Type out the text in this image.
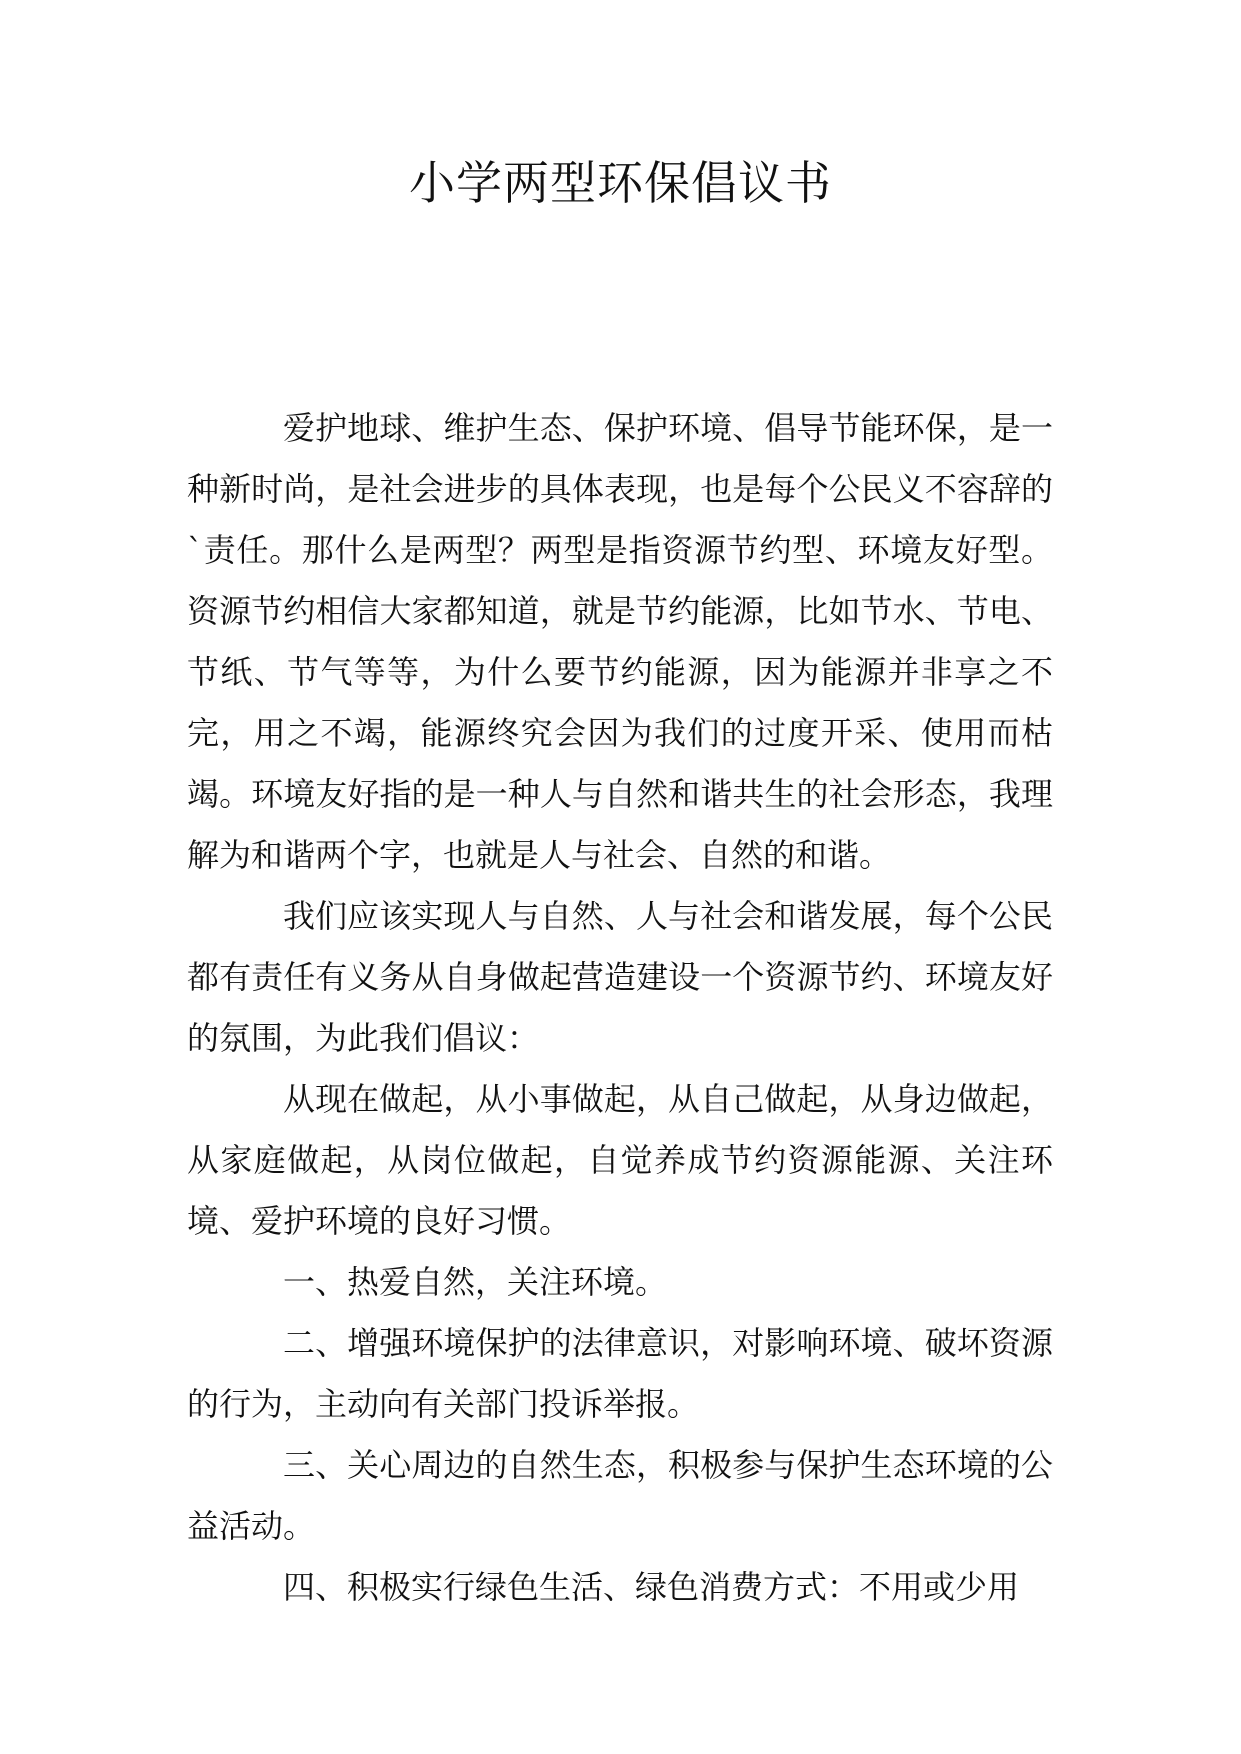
小学两型环保倡议书

爱护地球、维护生态、保护环境、倡导节能环保，是一种新时尚，是社会进步的具体表现，也是每个公民义不容辞的`责任。那什么是两型？两型是指资源节约型、环境友好型。资源节约相信大家都知道，就是节约能源，比如节水、节电、节纸、节气等等，为什么要节约能源，因为能源并非享之不完，用之不竭，能源终究会因为我们的过度开采、使用而枯竭。环境友好指的是一种人与自然和谐共生的社会形态，我理解为和谐两个字，也就是人与社会、自然的和谐。

我们应该实现人与自然、人与社会和谐发展，每个公民都有责任有义务从自身做起营造建设一个资源节约、环境友好的氛围，为此我们倡议：

从现在做起，从小事做起，从自己做起，从身边做起，从家庭做起，从岗位做起，自觉养成节约资源能源、关注环境、爱护环境的良好习惯。

一、热爱自然，关注环境。

二、增强环境保护的法律意识，对影响环境、破坏资源的行为，主动向有关部门投诉举报。

三、关心周边的自然生态，积极参与保护生态环境的公益活动。

四、积极实行绿色生活、绿色消费方式：不用或少用
